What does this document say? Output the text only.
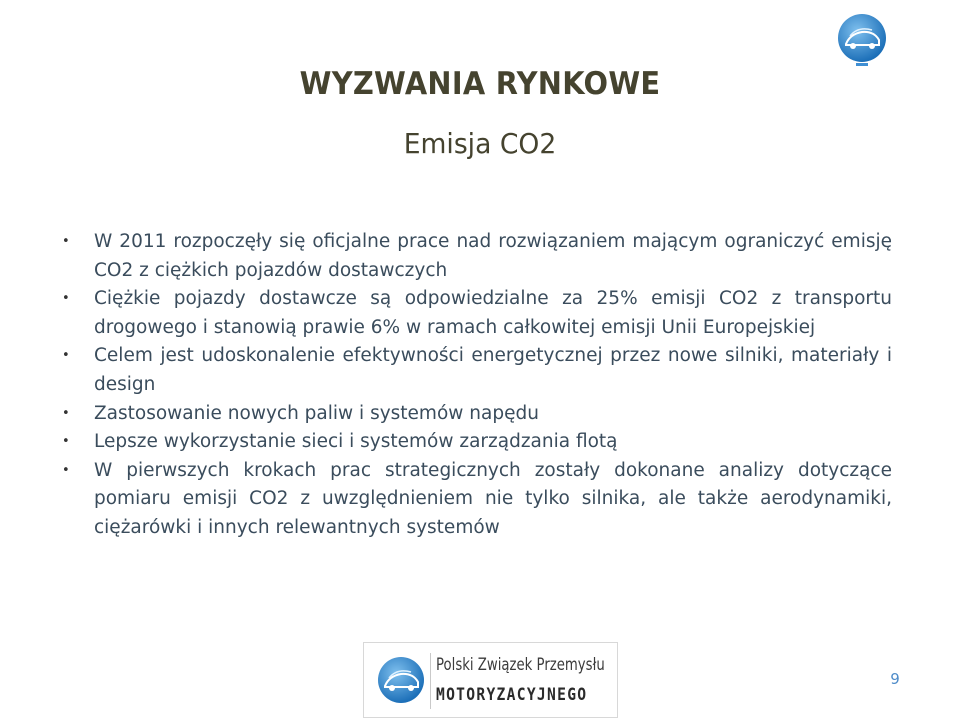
WYZWANIA RYNKOWE
Emisja CO2
• W 2011 rozpoczęły się oficjalne prace nad rozwiązaniem mającym ograniczyć emisję CO2 z ciężkich pojazdów dostawczych
• Ciężkie pojazdy dostawcze są odpowiedzialne za 25% emisji CO2 z transportu drogowego i stanowią prawie 6% w ramach całkowitej emisji Unii Europejskiej
• Celem jest udoskonalenie efektywności energetycznej przez nowe silniki, materiały i design
• Zastosowanie nowych paliw i systemów napędu
• Lepsze wykorzystanie sieci i systemów zarządzania flotą
• W pierwszych krokach prac strategicznych zostały dokonane analizy dotyczące pomiaru emisji CO2 z uwzględnieniem nie tylko silnika, ale także aerodynamiki, ciężarówki i innych relewantnych systemów
Polski Związek Przemysłu
MOTORYZACYJNEGO
9
